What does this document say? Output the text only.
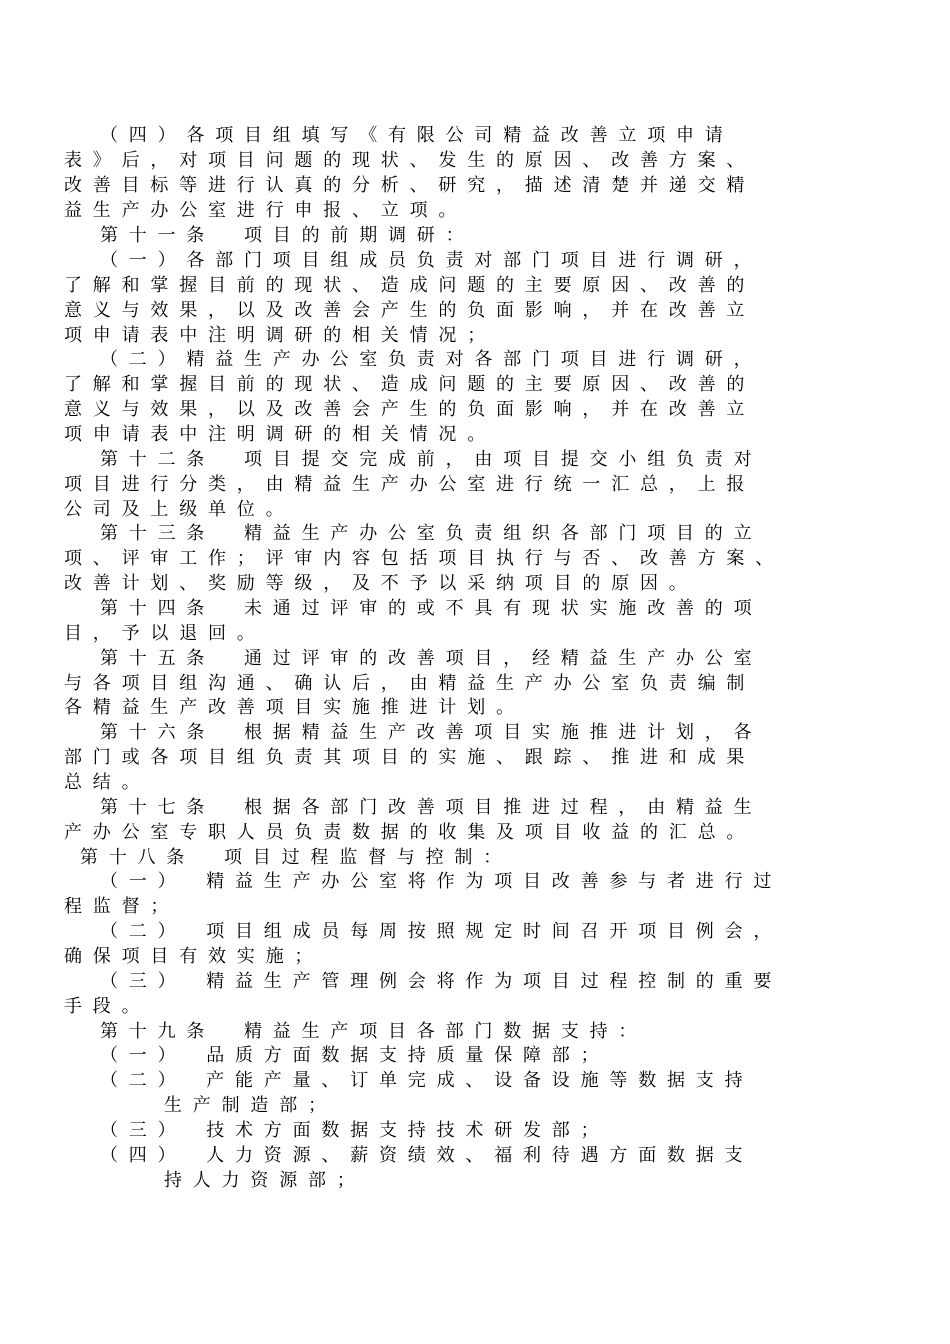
（四）各项目组填写《有限公司精益改善立项申请
表》后，对项目问题的现状、发生的原因、改善方案、
改善目标等进行认真的分析、研究，描述清楚并递交精
益生产办公室进行申报、立项。
第十一条　项目的前期调研：
（一）各部门项目组成员负责对部门项目进行调研，
了解和掌握目前的现状、造成问题的主要原因、改善的
意义与效果，以及改善会产生的负面影响，并在改善立
项申请表中注明调研的相关情况；
（二）精益生产办公室负责对各部门项目进行调研，
了解和掌握目前的现状、造成问题的主要原因、改善的
意义与效果，以及改善会产生的负面影响，并在改善立
项申请表中注明调研的相关情况。
第十二条　项目提交完成前，由项目提交小组负责对
项目进行分类，由精益生产办公室进行统一汇总，上报
公司及上级单位。
第十三条　精益生产办公室负责组织各部门项目的立
项、评审工作；评审内容包括项目执行与否、改善方案、
改善计划、奖励等级，及不予以采纳项目的原因。
第十四条　未通过评审的或不具有现状实施改善的项
目，予以退回。
第十五条　通过评审的改善项目，经精益生产办公室
与各项目组沟通、确认后，由精益生产办公室负责编制
各精益生产改善项目实施推进计划。
第十六条　根据精益生产改善项目实施推进计划，各
部门或各项目组负责其项目的实施、跟踪、推进和成果
总结。
第十七条　根据各部门改善项目推进过程，由精益生
产办公室专职人员负责数据的收集及项目收益的汇总。
第十八条　项目过程监督与控制：
（一）　精益生产办公室将作为项目改善参与者进行过
程监督；
（二）　项目组成员每周按照规定时间召开项目例会，
确保项目有效实施；
（三）　精益生产管理例会将作为项目过程控制的重要
手段。
第十九条　精益生产项目各部门数据支持：
（一）　品质方面数据支持质量保障部；
（二）　产能产量、订单完成、设备设施等数据支持
生产制造部；
（三）　技术方面数据支持技术研发部；
（四）　人力资源、薪资绩效、福利待遇方面数据支
持人力资源部；
